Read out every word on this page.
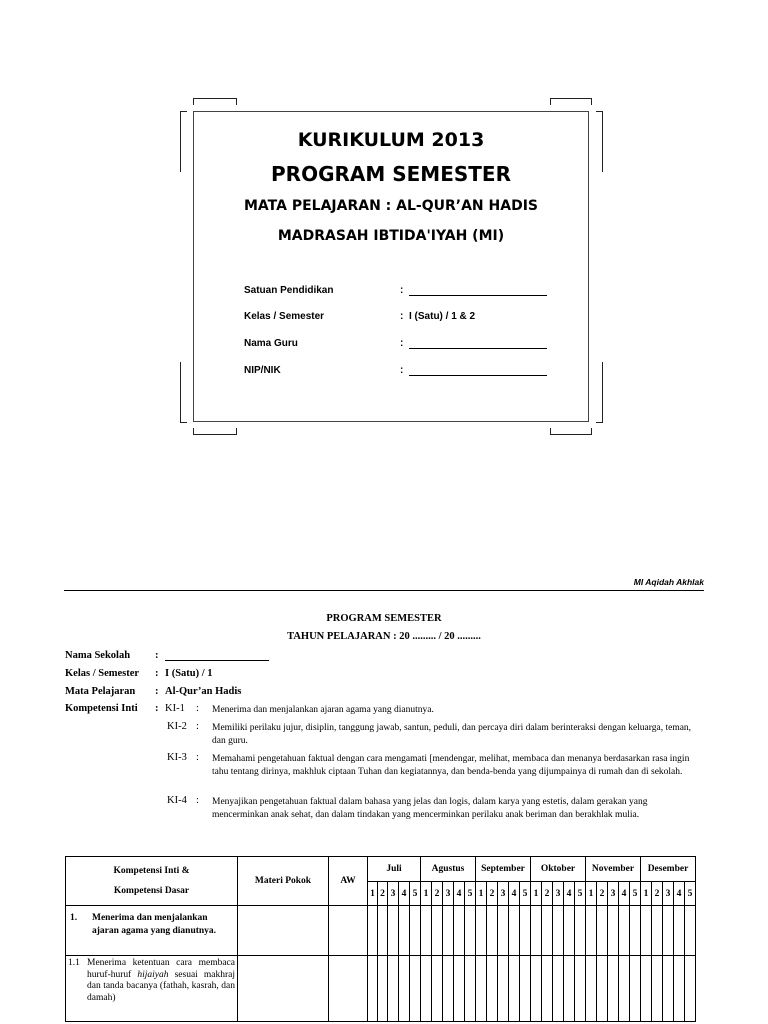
KURIKULUM 2013
PROGRAM SEMESTER
MATA PELAJARAN : AL-QUR’AN HADIS
MADRASAH IBTIDA'IYAH (MI)
Satuan Pendidikan	:
Kelas / Semester	: I (Satu) / 1 & 2
Nama Guru	:
NIP/NIK	:
MI Aqidah Akhlak
PROGRAM SEMESTER
TAHUN PELAJARAN : 20 ......... / 20 .........
Nama Sekolah :
Kelas / Semester : I (Satu) / 1
Mata Pelajaran : Al-Qur’an Hadis
Kompetensi Inti : KI-1 : Menerima dan menjalankan ajaran agama yang dianutnya.
KI-2 : Memiliki perilaku jujur, disiplin, tanggung jawab, santun, peduli, dan percaya diri dalam berinteraksi dengan keluarga, teman, dan guru.
KI-3 : Memahami pengetahuan faktual dengan cara mengamati [mendengar, melihat, membaca dan menanya berdasarkan rasa ingin tahu tentang dirinya, makhluk ciptaan Tuhan dan kegiatannya, dan benda-benda yang dijumpainya di rumah dan di sekolah.
KI-4 : Menyajikan pengetahuan faktual dalam bahasa yang jelas dan logis, dalam karya yang estetis, dalam gerakan yang mencerminkan anak sehat, dan dalam tindakan yang mencerminkan perilaku anak beriman dan berakhlak mulia.
Kompetensi Inti &
Kompetensi Dasar	Materi Pokok	AW	Juli					Agustus					September					Oktober					November					Desember				
			1	2	3	4	5	1	2	3	4	5	1	2	3	4	5	1	2	3	4	5	1	2	3	4	5	1	2	3	4	5

1. Menerima dan menjalankan ajaran agama yang dianutnya.																																

1.1 Menerima ketentuan cara membaca huruf-huruf hijaiyah sesuai makhraj dan tanda bacanya (fathah, kasrah, dan damah)																																
